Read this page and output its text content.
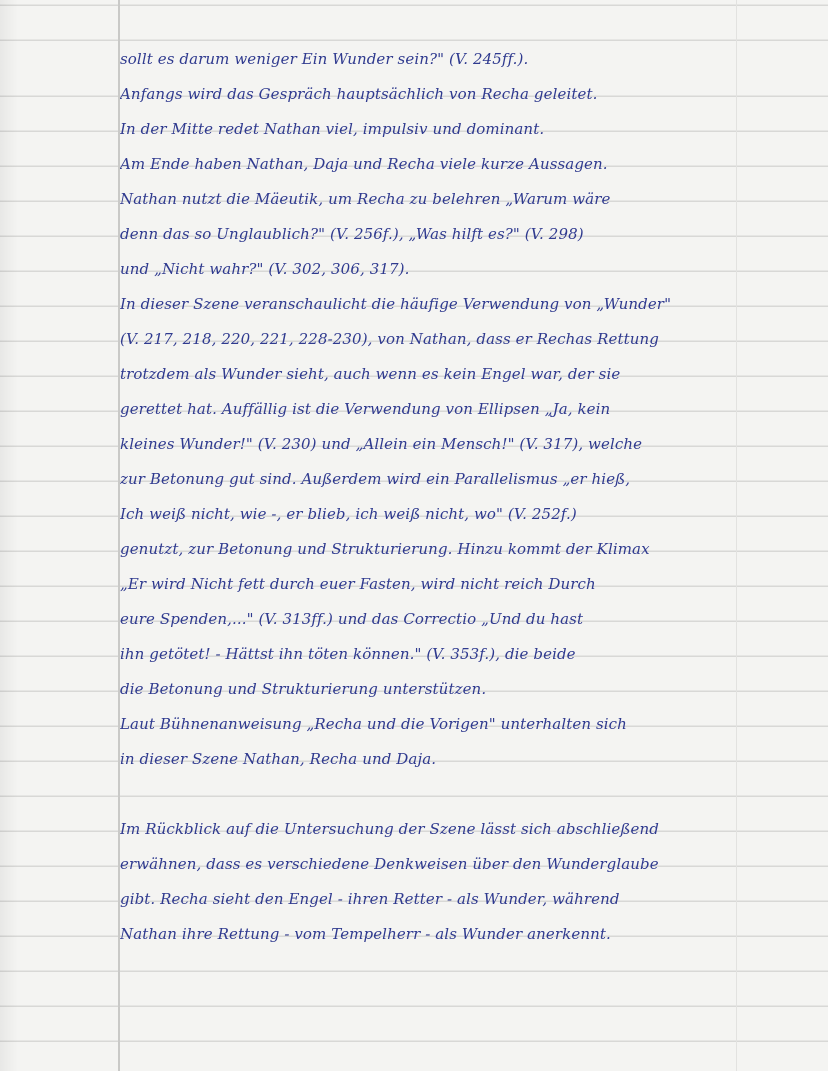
sollt es darum weniger Ein Wunder sein?" (V. 245ff.).
Anfangs wird das Gespräch hauptsächlich von Recha geleitet.
In der Mitte redet Nathan viel, impulsiv und dominant.
Am Ende haben Nathan, Daja und Recha viele kurze Aussagen.
Nathan nutzt die Mäeutik, um Recha zu belehren „Warum wäre
denn das so Unglaublich?" (V. 256f.), „Was hilft es?" (V. 298)
und „Nicht wahr?" (V. 302, 306, 317).
In dieser Szene veranschaulicht die häufige Verwendung von „Wunder"
(V. 217, 218, 220, 221, 228-230), von Nathan, dass er Rechas Rettung
trotzdem als Wunder sieht, auch wenn es kein Engel war, der sie
gerettet hat. Auffällig ist die Verwendung von Ellipsen „Ja, kein
kleines Wunder!" (V. 230) und „Allein ein Mensch!" (V. 317), welche
zur Betonung gut sind. Außerdem wird ein Parallelismus „er hieß,
Ich weiß nicht, wie -, er blieb, ich weiß nicht, wo" (V. 252f.)
genutzt, zur Betonung und Strukturierung. Hinzu kommt der Klimax
„Er wird Nicht fett durch euer Fasten, wird nicht reich Durch
eure Spenden,..." (V. 313ff.) und das Correctio „Und du hast
ihn getötet! - Hättst ihn töten können." (V. 353f.), die beide
die Betonung und Strukturierung unterstützen.
Laut Bühnenanweisung „Recha und die Vorigen" unterhalten sich
in dieser Szene Nathan, Recha und Daja.
Im Rückblick auf die Untersuchung der Szene lässt sich abschließend
erwähnen, dass es verschiedene Denkweisen über den Wunderglaube
gibt. Recha sieht den Engel - ihren Retter - als Wunder, während
Nathan ihre Rettung - vom Tempelherr - als Wunder anerkennt.
